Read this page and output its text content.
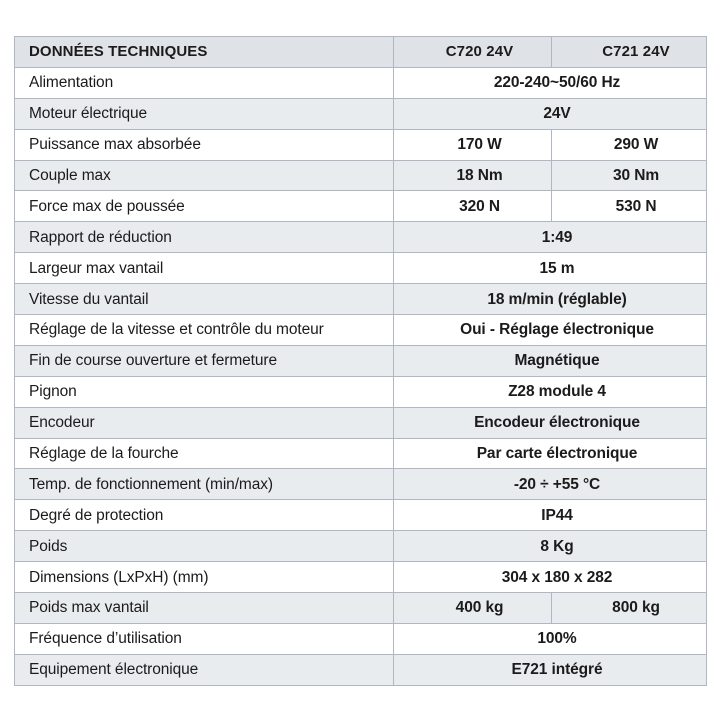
DONNÉES TECHNIQUES	C720 24V	C721 24V
Alimentation	220-240~50/60 Hz	
Moteur électrique	24V	
Puissance max absorbée	170 W	290 W
Couple max	18 Nm	30 Nm
Force max de poussée	320 N	530 N
Rapport de réduction	1:49	
Largeur max vantail	15 m	
Vitesse du vantail	18 m/min (réglable)	
Réglage de la vitesse et contrôle du moteur	Oui - Réglage électronique	
Fin de course ouverture et fermeture	Magnétique	
Pignon	Z28 module 4	
Encodeur	Encodeur électronique	
Réglage de la fourche	Par carte électronique	
Temp. de fonctionnement (min/max)	-20 ÷ +55 °C	
Degré de protection	IP44	
Poids	8 Kg	
Dimensions (LxPxH) (mm)	304 x 180 x 282	
Poids max vantail	400 kg	800 kg
Fréquence d’utilisation	100%	
Equipement électronique	E721 intégré	
